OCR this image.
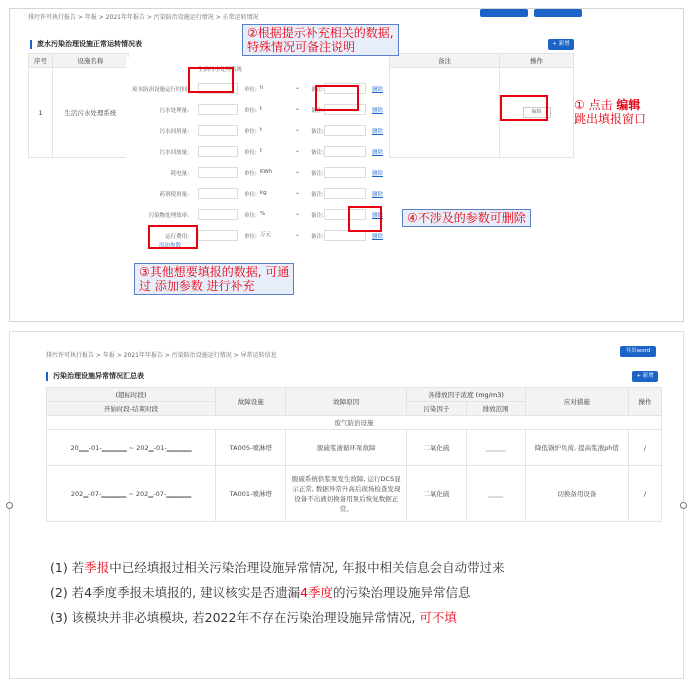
排污许可执行报告 > 年报 > 2021年年报告 > 污染防治设施运行情况 > 正常运转情况
废水污染治理设施正常运转情况表	+ 新增
序号	设施名称		备注	操作
1	生活污水处理系统			编辑
生活污水处理系统
废水防治设施运行时间:	单位: h	⌄ 备注:	删除
污水处理量:	单位: t	⌄ 备注:	删除
污水回用量:	单位: t	⌄ 备注:	删除
污水回放量:	单位: t	⌄ 备注:	删除
耗电量:	单位: KWh	⌄ 备注:	删除
药剂使用量:	单位: kg	⌄ 备注:	删除
污染物处理效率:	单位: %	⌄ 备注:	删除
运行费用:	单位: 万元	⌄ 备注:	删除
添加参数
②根据提示补充相关的数据,
特殊情况可备注说明
① 点击 编辑
跳出填报窗口
③其他想要填报的数据, 可通
过 添加参数 进行补充
④不涉及的参数可删除
排污许可执行报告 > 年报 > 2021年年报告 > 污染防治设施运行情况 > 异常运转信息
导出word
污染治理设施异常情况汇总表	+ 新增
(超标时段)	故障设施	故障原因	各排放因子浓度 (mg/m3)		应对措施	操作
开始时段-结束时段			污染因子	排放范围		
废气防治设施						
20▁▁-01-▁▁▁▁▁ ~ 202▁-01-▁▁▁▁▁	TA005-喷淋塔	脱硫浆液循环泵故障	二氧化硫	▁▁▁▁	降低锅炉负荷, 提高浆液ph值	/
202▁-07-▁▁▁▁▁ ~ 202▁-07-▁▁▁▁▁	TA001-喷淋塔	脱硫系统供浆泵发生故障, 运行DCS显示正常, 数据异常升高后现场检查发现设备不出液切换备用泵后恢复数据正常。	二氧化硫	▁▁▁	切换备用设备	/
(1) 若季报中已经填报过相关污染治理设施异常情况, 年报中相关信息会自动带过来
(2) 若4季度季报未填报的, 建议核实是否遗漏4季度的污染治理设施异常信息
(3) 该模块并非必填模块, 若2022年不存在污染治理设施异常情况, 可不填
